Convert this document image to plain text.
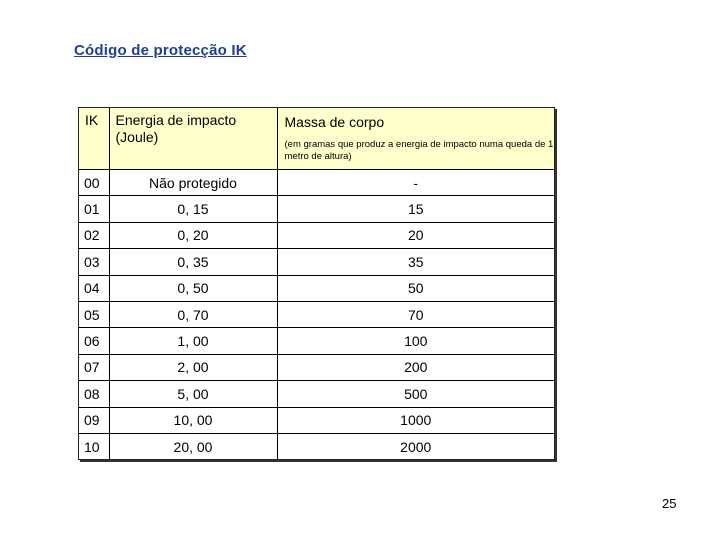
Código de protecção IK
IK	Energia de impacto (Joule)	Massa de corpo
(em gramas que produz a energia de impacto numa queda de 1 metro de altura)

00	Não protegido	-
01	0, 15	15
02	0, 20	20
03	0, 35	35
04	0, 50	50
05	0, 70	70
06	1, 00	100
07	2, 00	200
08	5, 00	500
09	10, 00	1000
10	20, 00	2000
25
